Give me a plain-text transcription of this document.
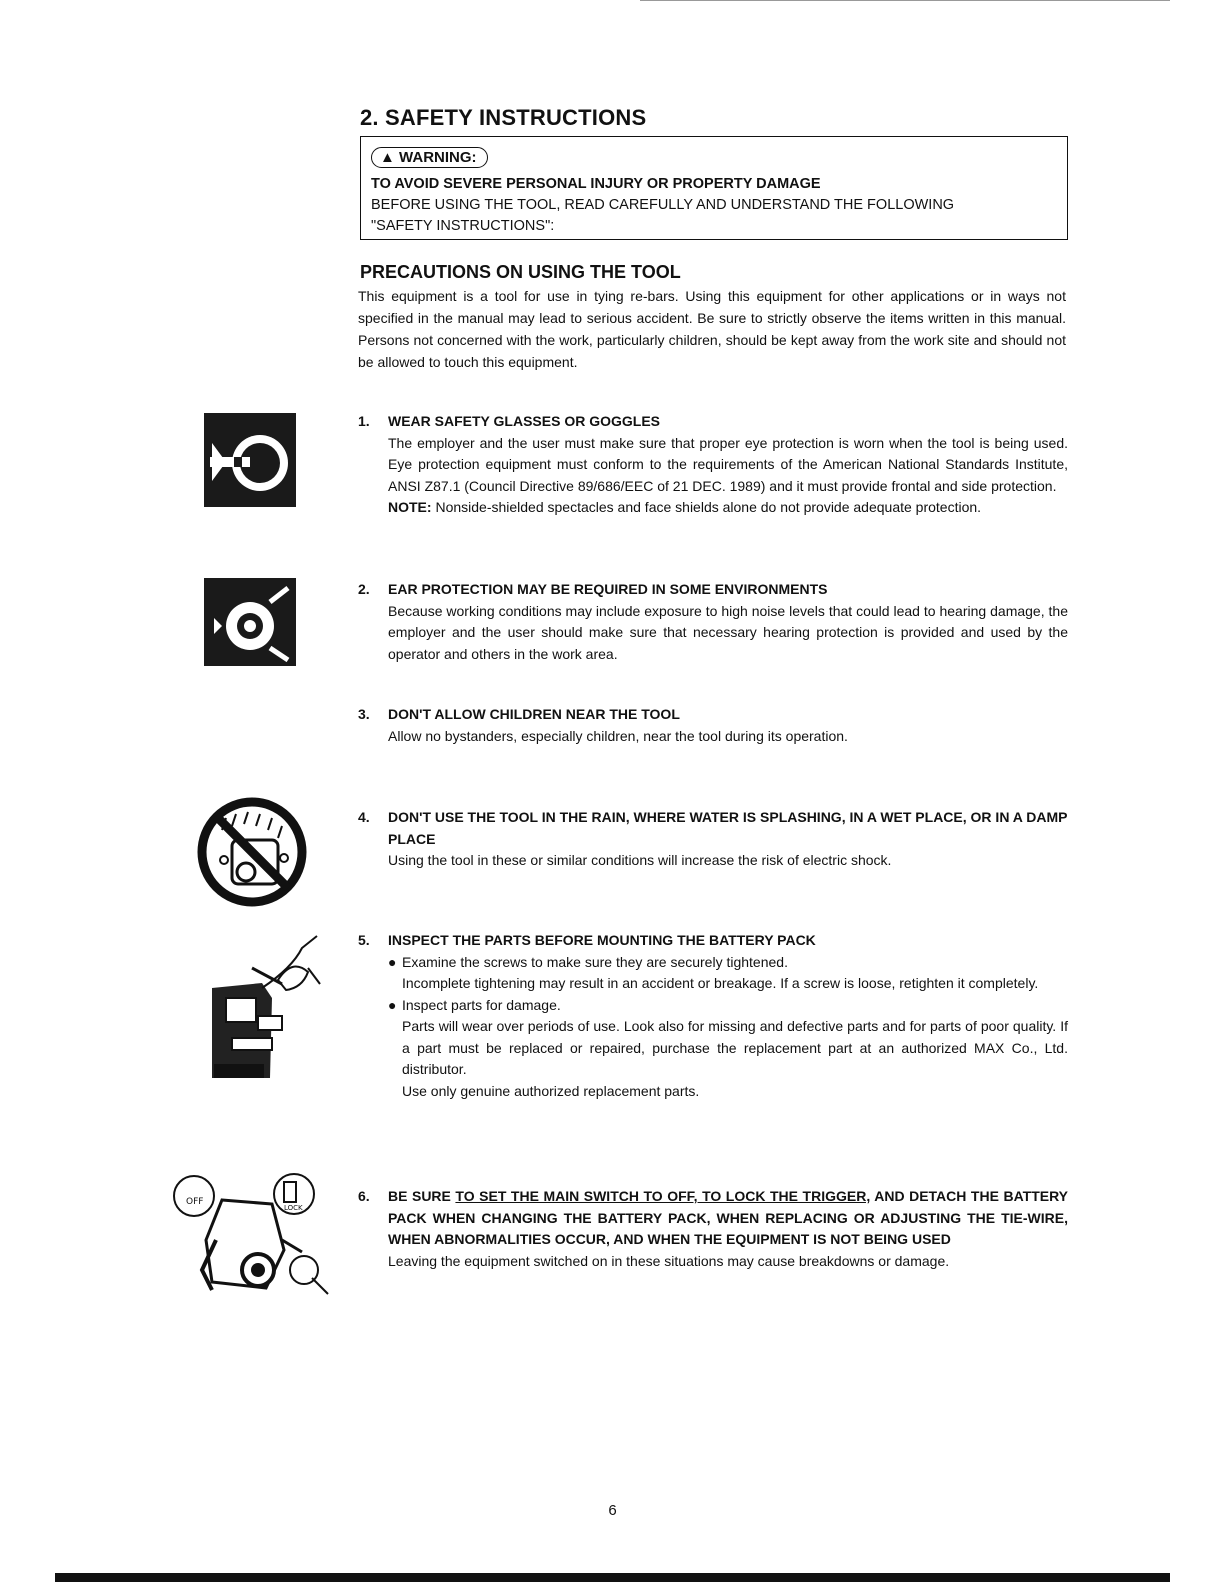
2. SAFETY INSTRUCTIONS
▲ WARNING:
TO AVOID SEVERE PERSONAL INJURY OR PROPERTY DAMAGE
BEFORE USING THE TOOL, READ CAREFULLY AND UNDERSTAND THE FOLLOWING
"SAFETY INSTRUCTIONS":
PRECAUTIONS ON USING THE TOOL
This equipment is a tool for use in tying re-bars. Using this equipment for other applications or in ways not specified in the manual may lead to serious accident. Be sure to strictly observe the items written in this manual. Persons not concerned with the work, particularly children, should be kept away from the work site and should not be allowed to touch this equipment.
OFF
LOCK
1. WEAR SAFETY GLASSES OR GOGGLES
The employer and the user must make sure that proper eye protection is worn when the tool is being used. Eye protection equipment must conform to the requirements of the American National Standards Institute, ANSI Z87.1 (Council Directive 89/686/EEC of 21 DEC. 1989) and it must provide frontal and side protection.
NOTE: Nonside-shielded spectacles and face shields alone do not provide adequate protection.
2. EAR PROTECTION MAY BE REQUIRED IN SOME ENVIRONMENTS
Because working conditions may include exposure to high noise levels that could lead to hearing damage, the employer and the user should make sure that necessary hearing protection is provided and used by the operator and others in the work area.
3. DON'T ALLOW CHILDREN NEAR THE TOOL
Allow no bystanders, especially children, near the tool during its operation.
4. DON'T USE THE TOOL IN THE RAIN, WHERE WATER IS SPLASHING, IN A WET PLACE, OR IN A DAMP PLACE
Using the tool in these or similar conditions will increase the risk of electric shock.
5. INSPECT THE PARTS BEFORE MOUNTING THE BATTERY PACK
● Examine the screws to make sure they are securely tightened.
Incomplete tightening may result in an accident or breakage. If a screw is loose, retighten it completely.
● Inspect parts for damage.
Parts will wear over periods of use. Look also for missing and defective parts and for parts of poor quality. If a part must be replaced or repaired, purchase the replacement part at an authorized MAX Co., Ltd. distributor.
Use only genuine authorized replacement parts.
6. BE SURE TO SET THE MAIN SWITCH TO OFF, TO LOCK THE TRIGGER, AND DETACH THE BATTERY PACK WHEN CHANGING THE BATTERY PACK, WHEN REPLACING OR ADJUSTING THE TIE-WIRE, WHEN ABNORMALITIES OCCUR, AND WHEN THE EQUIPMENT IS NOT BEING USED
Leaving the equipment switched on in these situations may cause breakdowns or damage.
6
